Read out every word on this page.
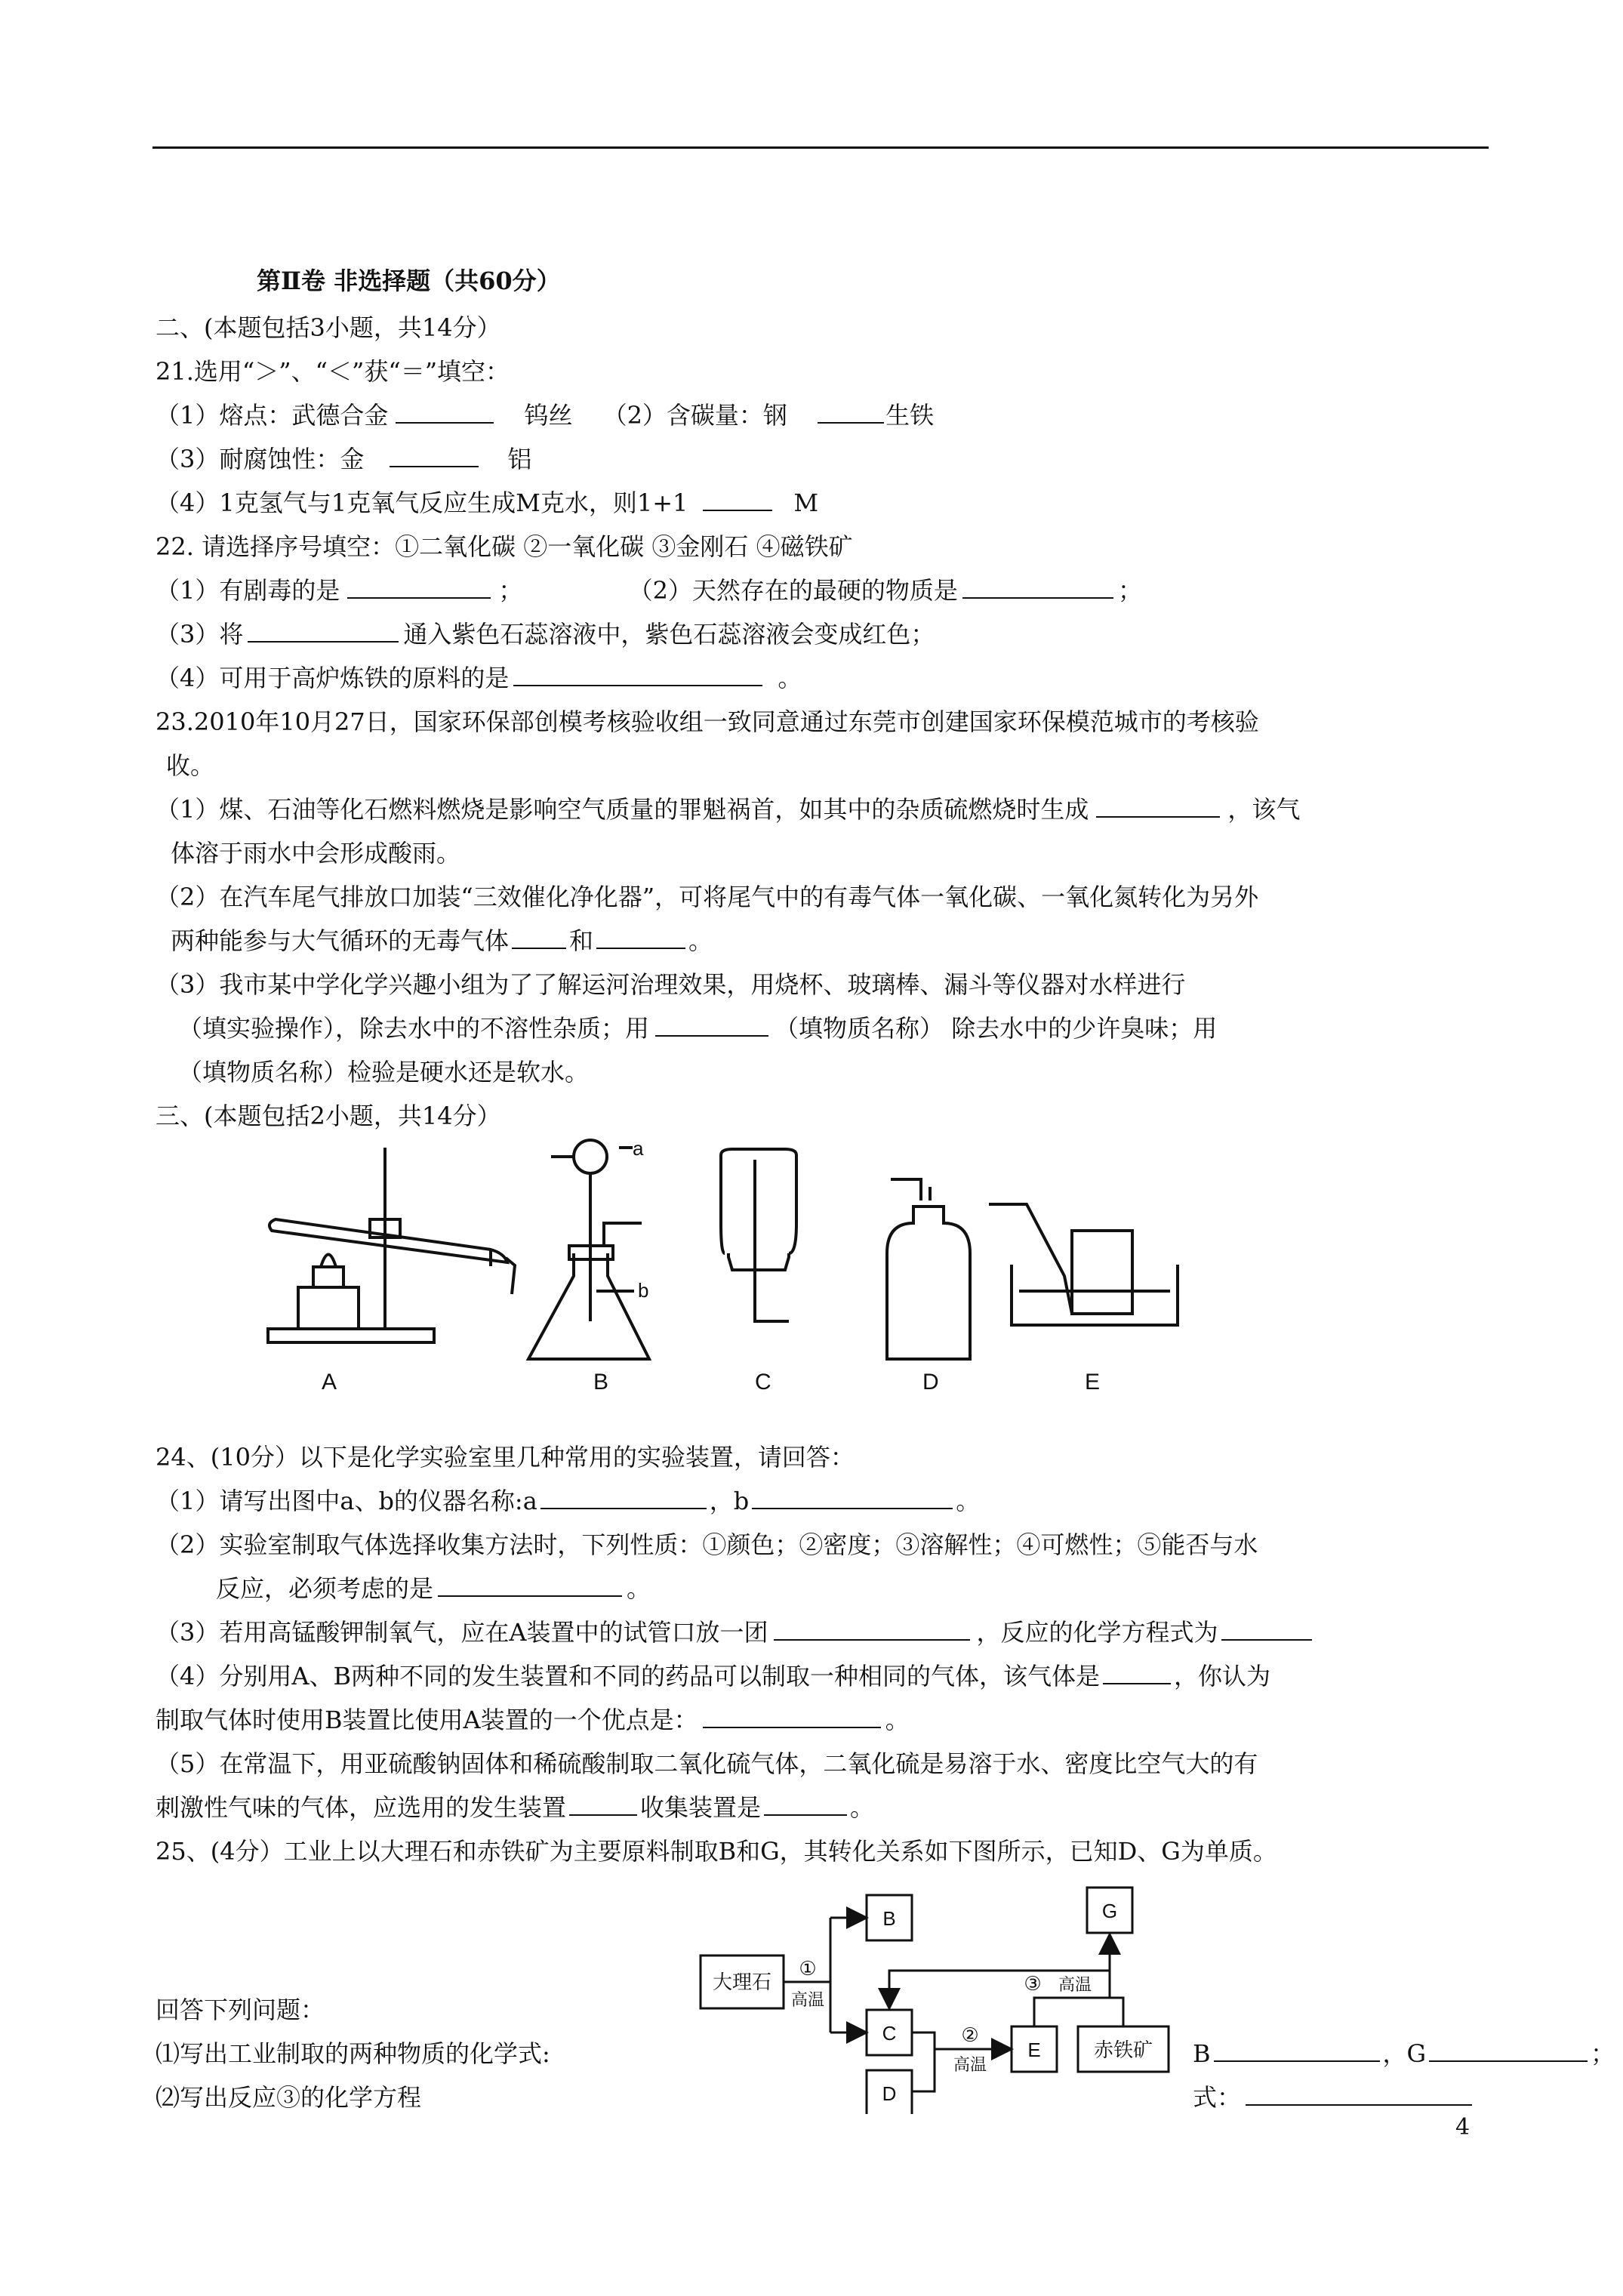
第Ⅱ卷 非选择题（共60分）
二、(本题包括3小题，共14分）
21.选用“＞”、“＜”获“＝”填空：
（1）熔点：武德合金	钨丝 （2）含碳量：钢	生铁
（3）耐腐蚀性：金	铝
（4）1克氢气与1克氧气反应生成M克水，则1+1	M
22. 请选择序号填空：①二氧化碳 ②一氧化碳 ③金刚石 ④磁铁矿
（1）有剧毒的是	；	（2）天然存在的最硬的物质是	；
（3）将	通入紫色石蕊溶液中，紫色石蕊溶液会变成红色；
（4）可用于高炉炼铁的原料的是	。
23.2010年10月27日，国家环保部创模考核验收组一致同意通过东莞市创建国家环保模范城市的考核验
收。
（1）煤、石油等化石燃料燃烧是影响空气质量的罪魁祸首，如其中的杂质硫燃烧时生成	，该气
体溶于雨水中会形成酸雨。
（2）在汽车尾气排放口加装“三效催化净化器”，可将尾气中的有毒气体一氧化碳、一氧化氮转化为另外
两种能参与大气循环的无毒气体	和	。
（3）我市某中学化学兴趣小组为了了解运河治理效果，用烧杯、玻璃棒、漏斗等仪器对水样进行
（填实验操作），除去水中的不溶性杂质；用	（填物质名称） 除去水中的少许臭味；用
（填物质名称）检验是硬水还是软水。
三、(本题包括2小题，共14分）
a
b
A	B	C	D	E
24、(10分）以下是化学实验室里几种常用的实验装置，请回答：
（1）请写出图中a、b的仪器名称:a	，b	。
（2）实验室制取气体选择收集方法时，下列性质：①颜色；②密度；③溶解性；④可燃性；⑤能否与水
反应，必须考虑的是	。
（3）若用高锰酸钾制氧气，应在A装置中的试管口放一团	，反应的化学方程式为
（4）分别用A、B两种不同的发生装置和不同的药品可以制取一种相同的气体，该气体是	，你认为
制取气体时使用B装置比使用A装置的一个优点是：	。
（5）在常温下，用亚硫酸钠固体和稀硫酸制取二氧化硫气体，二氧化硫是易溶于水、密度比空气大的有
刺激性气味的气体，应选用的发生装置	收集装置是	。
25、(4分）工业上以大理石和赤铁矿为主要原料制取B和G，其转化关系如下图所示，已知D、G为单质。
大理石
B
C
D
E	赤铁矿
G
①
高温
②
高温
③ 高温
回答下列问题：
⑴写出工业制取的两种物质的化学式:	B	，G	；
⑵写出反应③的化学方程	式：
4
